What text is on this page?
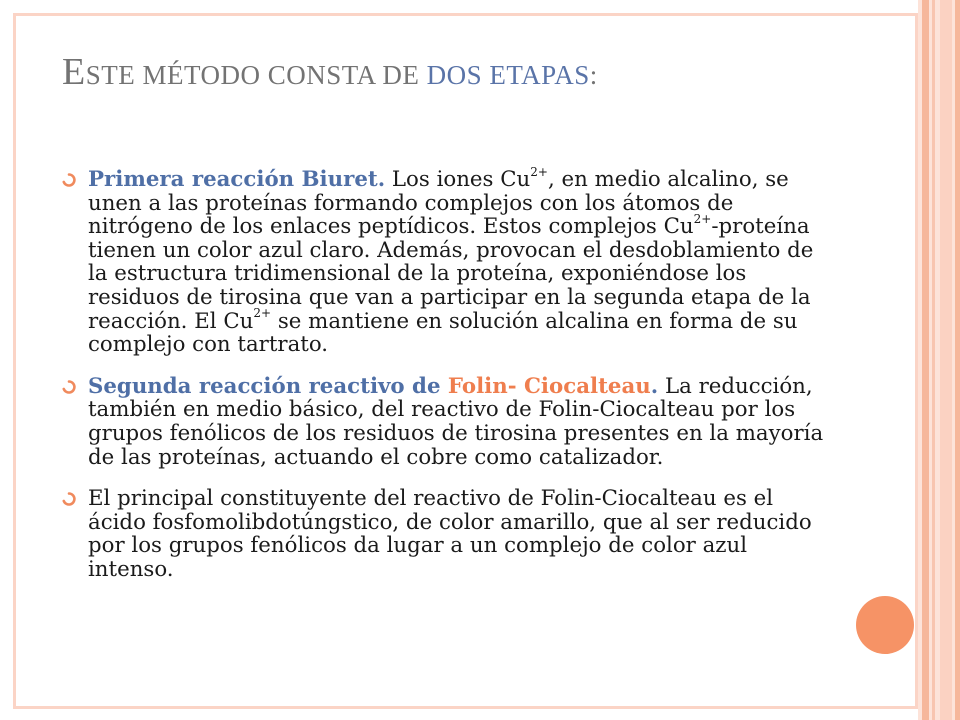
ESTE MÉTODO CONSTA DE DOS ETAPAS:
Primera reacción Biuret. Los iones $Cu^{2+}$, en medio alcalino, se unen a las proteínas formando complejos con los átomos de nitrógeno de los enlaces peptídicos. Estos complejos $Cu^{2+}$-proteína tienen un color azul claro. Además, provocan el desdoblamiento de la estructura tridimensional de la proteína, exponiéndose los residuos de tirosina que van a participar en la segunda etapa de la reacción. El $Cu^{2+}$ se mantiene en solución alcalina en forma de su complejo con tartrato.
Segunda reacción reactivo de Folin- Ciocalteau. La reducción, también en medio básico, del reactivo de Folin-Ciocalteau por los grupos fenólicos de los residuos de tirosina presentes en la mayoría de las proteínas, actuando el cobre como catalizador.
El principal constituyente del reactivo de Folin-Ciocalteau es el ácido fosfomolibdotúngstico, de color amarillo, que al ser reducido por los grupos fenólicos da lugar a un complejo de color azul intenso.
